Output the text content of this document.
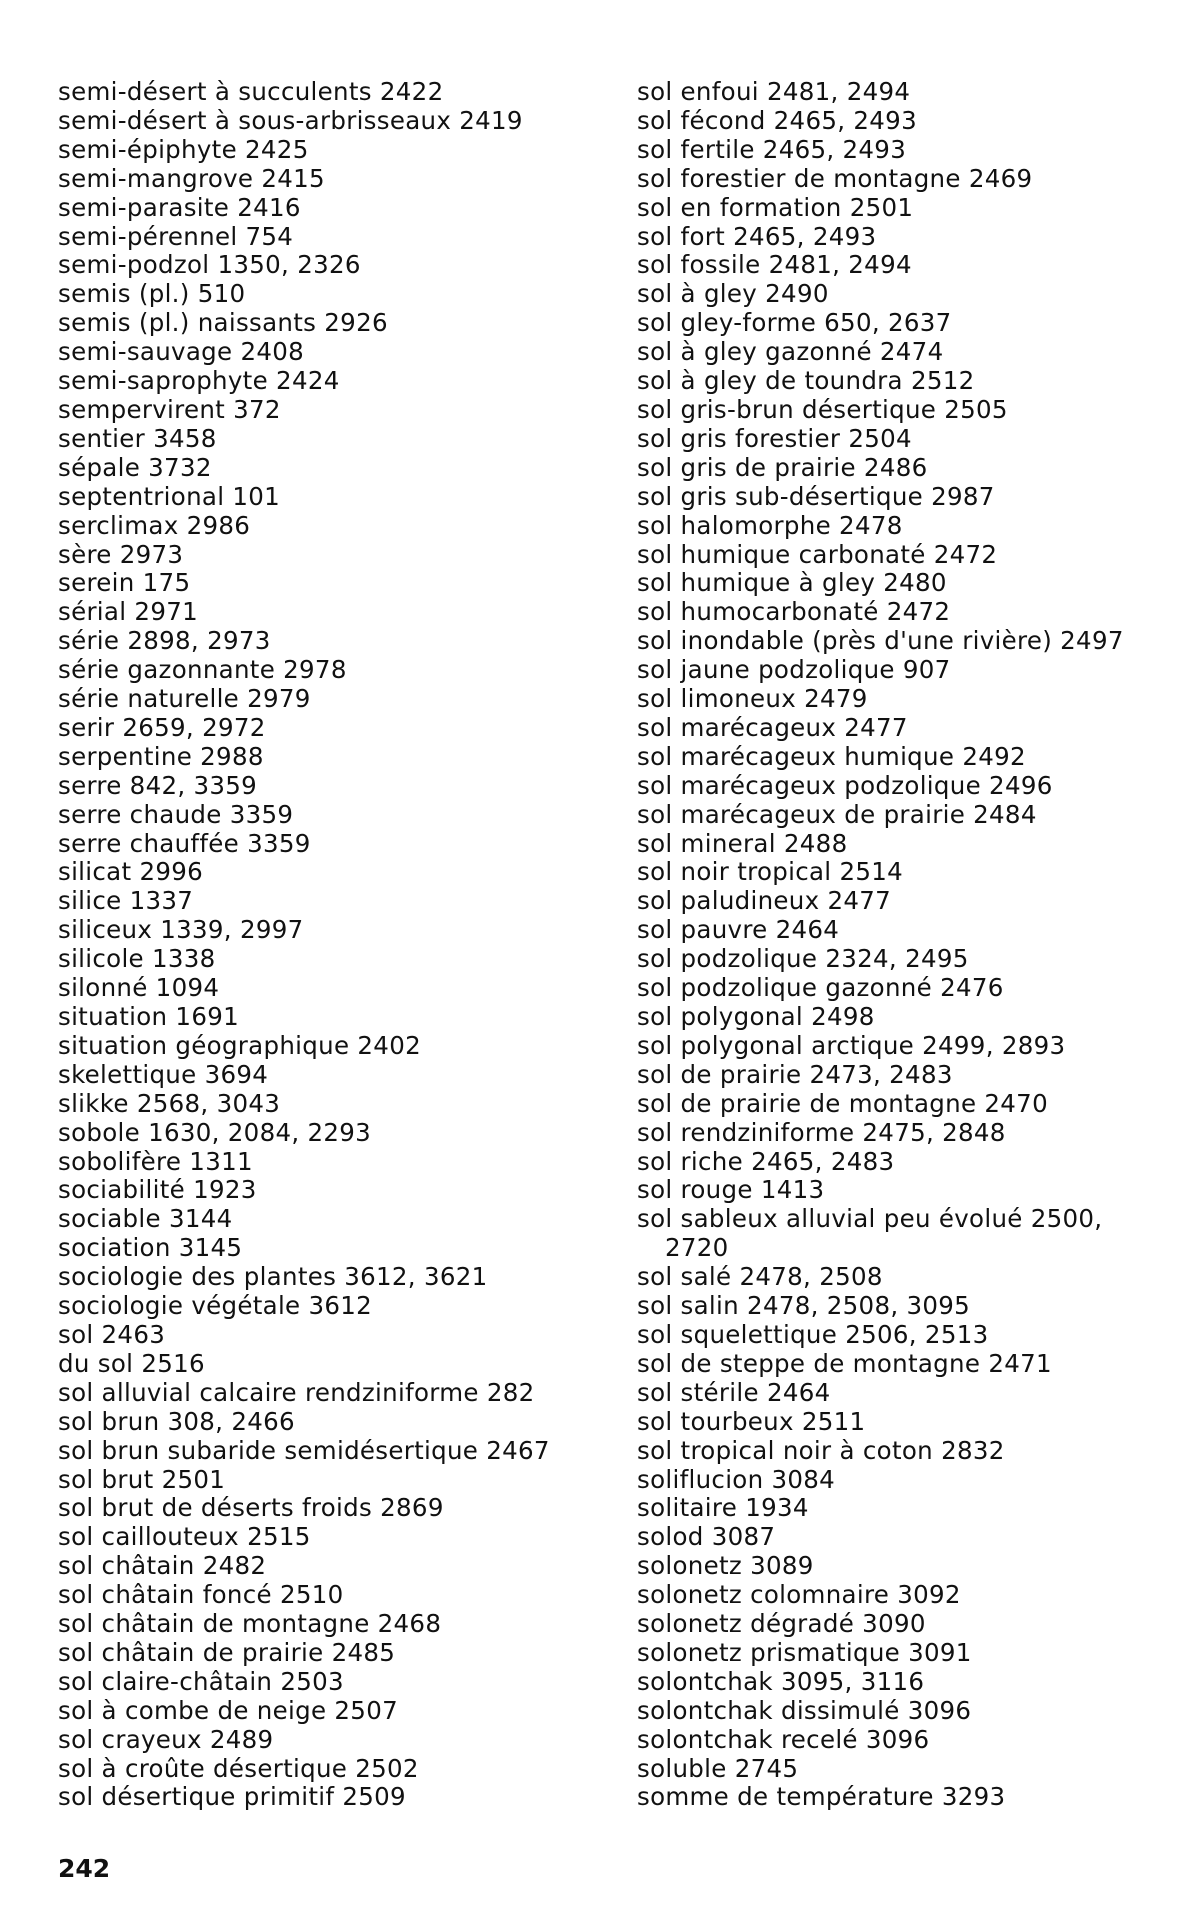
semi-désert à succulents 2422
semi-désert à sous-arbrisseaux 2419
semi-épiphyte 2425
semi-mangrove 2415
semi-parasite 2416
semi-pérennel 754
semi-podzol 1350, 2326
semis (pl.) 510
semis (pl.) naissants 2926
semi-sauvage 2408
semi-saprophyte 2424
sempervirent 372
sentier 3458
sépale 3732
septentrional 101
serclimax 2986
sère 2973
serein 175
sérial 2971
série 2898, 2973
série gazonnante 2978
série naturelle 2979
serir 2659, 2972
serpentine 2988
serre 842, 3359
serre chaude 3359
serre chauffée 3359
silicat 2996
silice 1337
siliceux 1339, 2997
silicole 1338
silonné 1094
situation 1691
situation géographique 2402
skelettique 3694
slikke 2568, 3043
sobole 1630, 2084, 2293
sobolifère 1311
sociabilité 1923
sociable 3144
sociation 3145
sociologie des plantes 3612, 3621
sociologie végétale 3612
sol 2463
du sol 2516
sol alluvial calcaire rendziniforme 282
sol brun 308, 2466
sol brun subaride semidésertique 2467
sol brut 2501
sol brut de déserts froids 2869
sol caillouteux 2515
sol châtain 2482
sol châtain foncé 2510
sol châtain de montagne 2468
sol châtain de prairie 2485
sol claire-châtain 2503
sol à combe de neige 2507
sol crayeux 2489
sol à croûte désertique 2502
sol désertique primitif 2509
sol enfoui 2481, 2494
sol fécond 2465, 2493
sol fertile 2465, 2493
sol forestier de montagne 2469
sol en formation 2501
sol fort 2465, 2493
sol fossile 2481, 2494
sol à gley 2490
sol gley-forme 650, 2637
sol à gley gazonné 2474
sol à gley de toundra 2512
sol gris-brun désertique 2505
sol gris forestier 2504
sol gris de prairie 2486
sol gris sub-désertique 2987
sol halomorphe 2478
sol humique carbonaté 2472
sol humique à gley 2480
sol humocarbonaté 2472
sol inondable (près d'une rivière) 2497
sol jaune podzolique 907
sol limoneux 2479
sol marécageux 2477
sol marécageux humique 2492
sol marécageux podzolique 2496
sol marécageux de prairie 2484
sol mineral 2488
sol noir tropical 2514
sol paludineux 2477
sol pauvre 2464
sol podzolique 2324, 2495
sol podzolique gazonné 2476
sol polygonal 2498
sol polygonal arctique 2499, 2893
sol de prairie 2473, 2483
sol de prairie de montagne 2470
sol rendziniforme 2475, 2848
sol riche 2465, 2483
sol rouge 1413
sol sableux alluvial peu évolué 2500,
2720
sol salé 2478, 2508
sol salin 2478, 2508, 3095
sol squelettique 2506, 2513
sol de steppe de montagne 2471
sol stérile 2464
sol tourbeux 2511
sol tropical noir à coton 2832
soliflucion 3084
solitaire 1934
solod 3087
solonetz 3089
solonetz colomnaire 3092
solonetz dégradé 3090
solonetz prismatique 3091
solontchak 3095, 3116
solontchak dissimulé 3096
solontchak recelé 3096
soluble 2745
somme de température 3293
242
